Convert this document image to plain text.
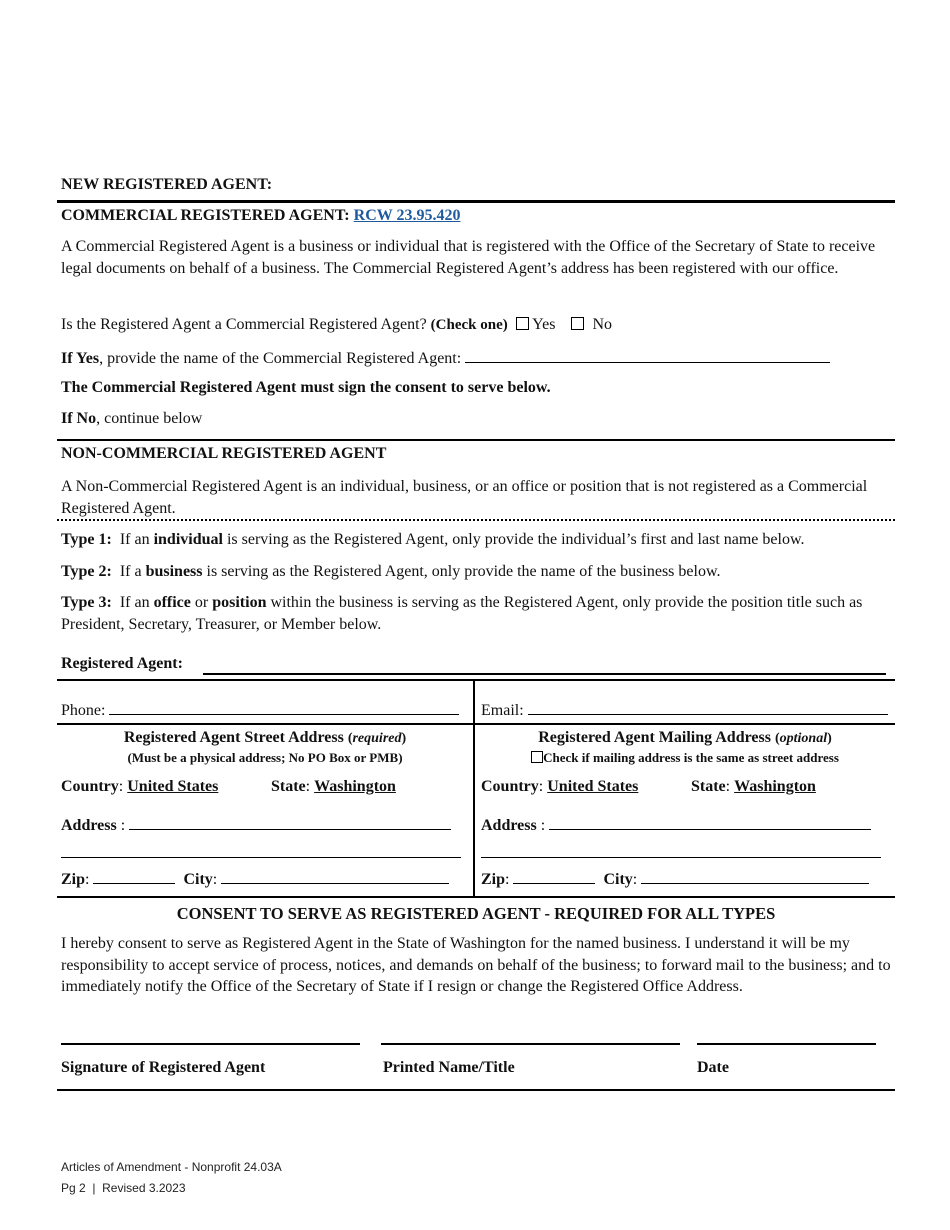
NEW REGISTERED AGENT:
COMMERCIAL REGISTERED AGENT: RCW 23.95.420
A Commercial Registered Agent is a business or individual that is registered with the Office of the Secretary of State to receive legal documents on behalf of a business. The Commercial Registered Agent’s address has been registered with our office.
Is the Registered Agent a Commercial Registered Agent? (Check one) Yes No
If Yes, provide the name of the Commercial Registered Agent:
The Commercial Registered Agent must sign the consent to serve below.
If No, continue below
NON-COMMERCIAL REGISTERED AGENT
A Non-Commercial Registered Agent is an individual, business, or an office or position that is not registered as a Commercial Registered Agent.
Type 1: If an individual is serving as the Registered Agent, only provide the individual’s first and last name below.
Type 2: If a business is serving as the Registered Agent, only provide the name of the business below.
Type 3: If an office or position within the business is serving as the Registered Agent, only provide the position title such as President, Secretary, Treasurer, or Member below.
Registered Agent:
Phone:	Email:
Registered Agent Street Address (required)
(Must be a physical address; No PO Box or PMB)
Registered Agent Mailing Address (optional)
Check if mailing address is the same as street address
Country: United States	State: Washington	Country: United States	State: Washington
Address :	Address :
Zip:	City:	Zip:	City:
CONSENT TO SERVE AS REGISTERED AGENT - REQUIRED FOR ALL TYPES
I hereby consent to serve as Registered Agent in the State of Washington for the named business. I understand it will be my responsibility to accept service of process, notices, and demands on behalf of the business; to forward mail to the business; and to immediately notify the Office of the Secretary of State if I resign or change the Registered Office Address.
Signature of Registered Agent	Printed Name/Title	Date
Articles of Amendment - Nonprofit 24.03A
Pg 2  |  Revised 3.2023
